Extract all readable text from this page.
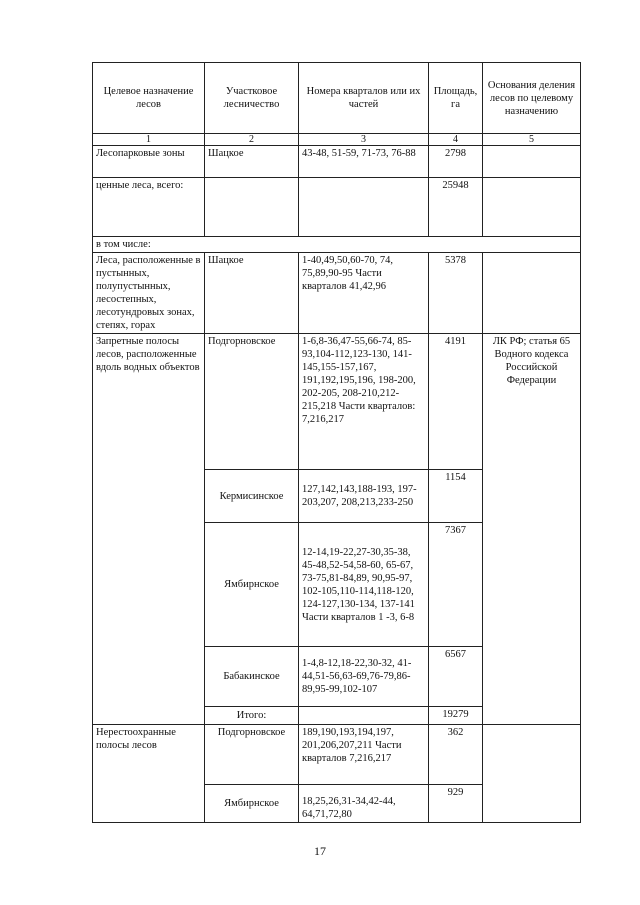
Целевое назначение лесов	Участковое лесничество	Номера кварталов или их частей	Площадь, га	Основания деления лесов по целевому назначению
1	2	3	4	5
Лесопарковые зоны	Шацкое	43-48, 51-59, 71-73, 76-88	2798	
ценные леса, всего:			25948	
в том числе:				
Леса, расположенные в пустынных, полупустынных, лесостепных, лесотундровых зонах, степях, горах	Шацкое	1-40,49,50,60-70, 74, 75,89,90-95 Части кварталов 41,42,96	5378	
Запретные полосы лесов, расположенные вдоль водных объектов	Подгорновское	1-6,8-36,47-55,66-74, 85-93,104-112,123-130, 141-145,155-157,167, 191,192,195,196, 198-200, 202-205, 208-210,212-215,218 Части кварталов: 7,216,217	4191	ЛК РФ; статья 65 Водного кодекса Российской Федерации
	Кермисинское	127,142,143,188-193, 197-203,207, 208,213,233-250	1154	
	Ямбирнское	12-14,19-22,27-30,35-38, 45-48,52-54,58-60, 65-67, 73-75,81-84,89, 90,95-97, 102-105,110-114,118-120, 124-127,130-134, 137-141 Части кварталов 1 -3, 6-8	7367	
	Бабакинское	1-4,8-12,18-22,30-32, 41-44,51-56,63-69,76-79,86-89,95-99,102-107	6567	
	Итого:		19279	
Нерестоохранные полосы лесов	Подгорновское	189,190,193,194,197, 201,206,207,211 Части кварталов 7,216,217	362	
	Ямбирнское	18,25,26,31-34,42-44, 64,71,72,80	929	
17
